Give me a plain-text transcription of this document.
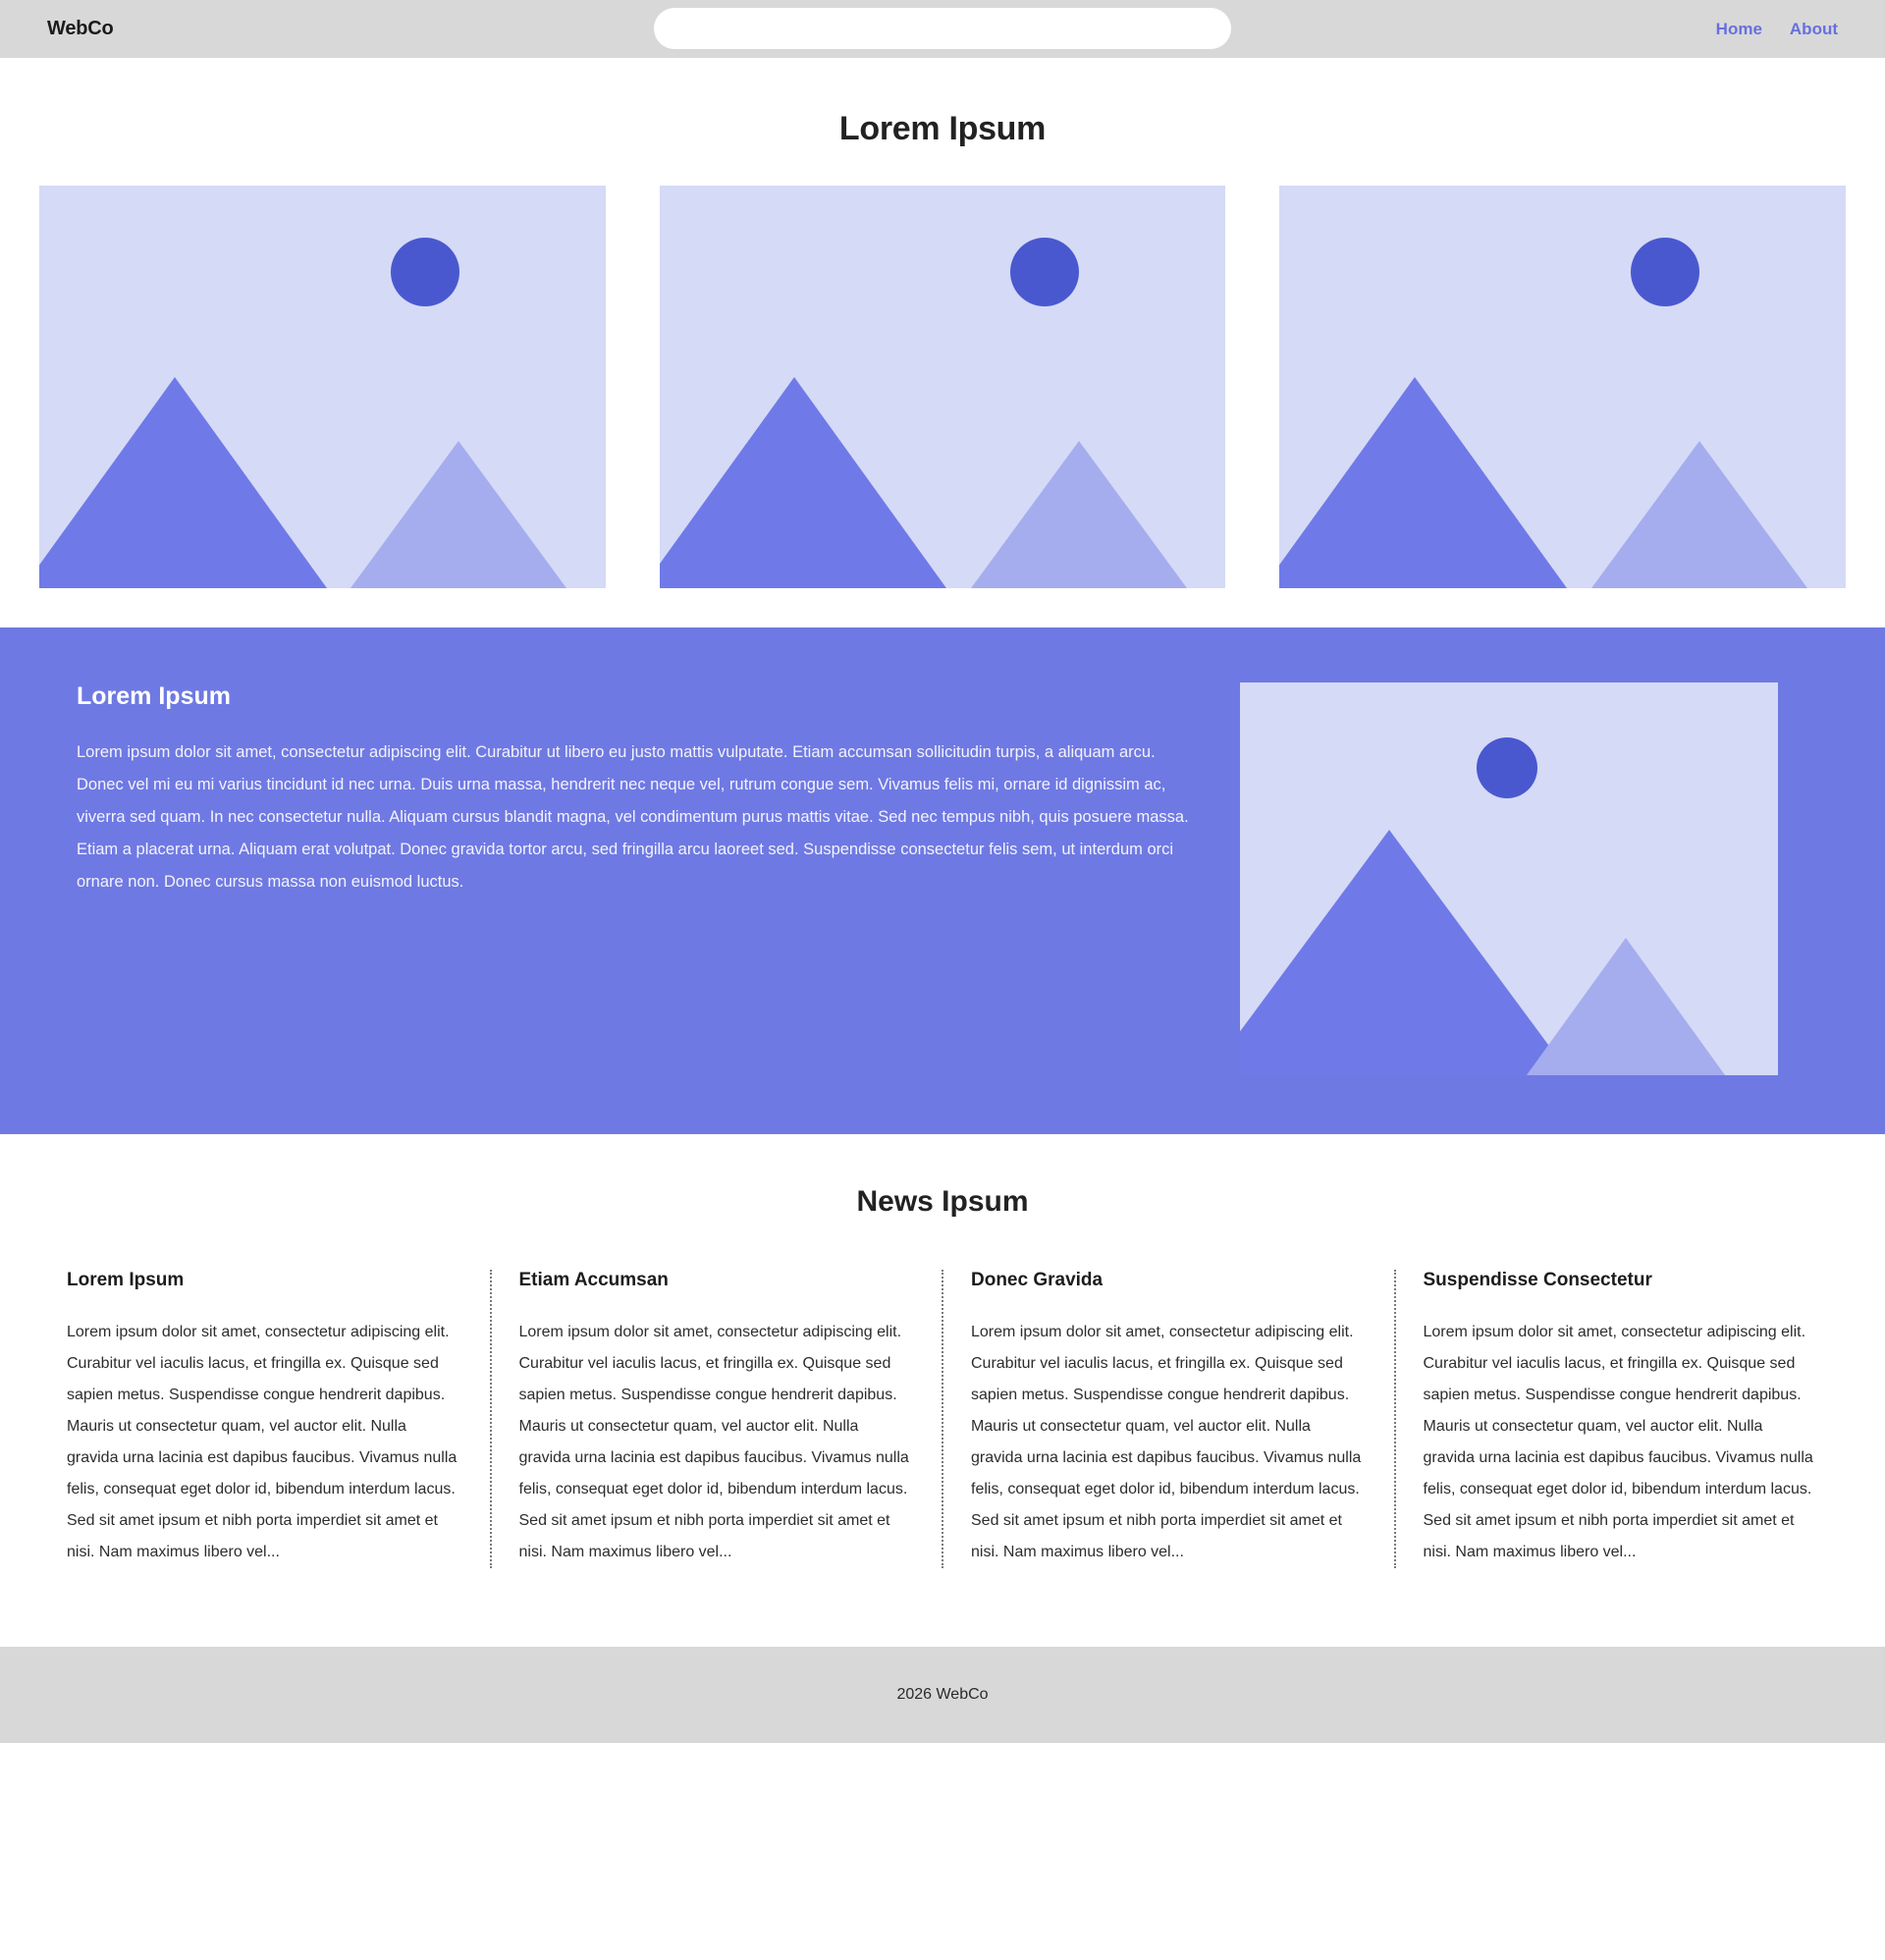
WebCo	Home About
Lorem Ipsum
Lorem Ipsum

Lorem ipsum dolor sit amet, consectetur adipiscing elit. Curabitur ut libero eu justo mattis vulputate. Etiam accumsan sollicitudin turpis, a aliquam arcu. Donec vel mi eu mi varius tincidunt id nec urna. Duis urna massa, hendrerit nec neque vel, rutrum congue sem. Vivamus felis mi, ornare id dignissim ac, viverra sed quam. In nec consectetur nulla. Aliquam cursus blandit magna, vel condimentum purus mattis vitae. Sed nec tempus nibh, quis posuere massa. Etiam a placerat urna. Aliquam erat volutpat. Donec gravida tortor arcu, sed fringilla arcu laoreet sed. Suspendisse consectetur felis sem, ut interdum orci ornare non. Donec cursus massa non euismod luctus.

News Ipsum
Lorem Ipsum

Lorem ipsum dolor sit amet, consectetur adipiscing elit. Curabitur vel iaculis lacus, et fringilla ex. Quisque sed sapien metus. Suspendisse congue hendrerit dapibus. Mauris ut consectetur quam, vel auctor elit. Nulla gravida urna lacinia est dapibus faucibus. Vivamus nulla felis, consequat eget dolor id, bibendum interdum lacus. Sed sit amet ipsum et nibh porta imperdiet sit amet et nisi. Nam maximus libero vel...

Etiam Accumsan

Lorem ipsum dolor sit amet, consectetur adipiscing elit. Curabitur vel iaculis lacus, et fringilla ex. Quisque sed sapien metus. Suspendisse congue hendrerit dapibus. Mauris ut consectetur quam, vel auctor elit. Nulla gravida urna lacinia est dapibus faucibus. Vivamus nulla felis, consequat eget dolor id, bibendum interdum lacus. Sed sit amet ipsum et nibh porta imperdiet sit amet et nisi. Nam maximus libero vel...

Donec Gravida

Lorem ipsum dolor sit amet, consectetur adipiscing elit. Curabitur vel iaculis lacus, et fringilla ex. Quisque sed sapien metus. Suspendisse congue hendrerit dapibus. Mauris ut consectetur quam, vel auctor elit. Nulla gravida urna lacinia est dapibus faucibus. Vivamus nulla felis, consequat eget dolor id, bibendum interdum lacus. Sed sit amet ipsum et nibh porta imperdiet sit amet et nisi. Nam maximus libero vel...

Suspendisse Consectetur

Lorem ipsum dolor sit amet, consectetur adipiscing elit. Curabitur vel iaculis lacus, et fringilla ex. Quisque sed sapien metus. Suspendisse congue hendrerit dapibus. Mauris ut consectetur quam, vel auctor elit. Nulla gravida urna lacinia est dapibus faucibus. Vivamus nulla felis, consequat eget dolor id, bibendum interdum lacus. Sed sit amet ipsum et nibh porta imperdiet sit amet et nisi. Nam maximus libero vel...

2026 WebCo
